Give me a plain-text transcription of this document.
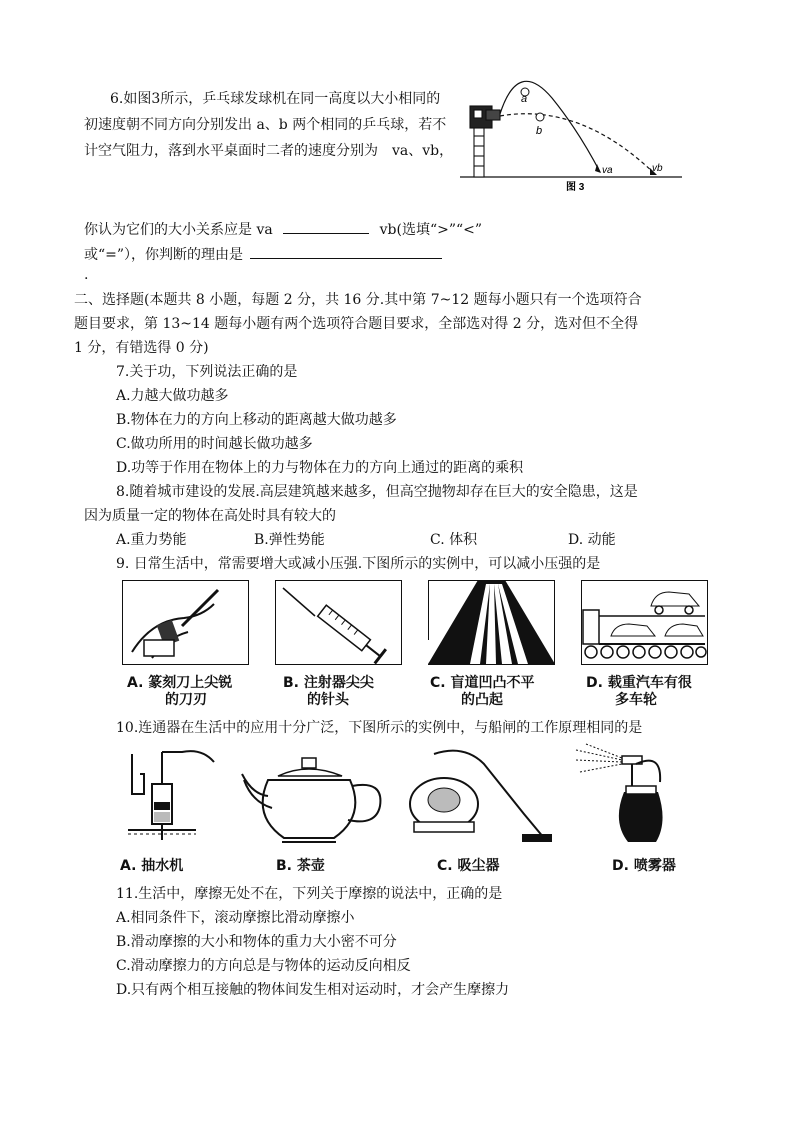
6.如图3所示，乒乓球发球机在同一高度以大小相同的
初速度朝不同方向分别发出 a、b 两个相同的乒乓球，若不
计空气阻力，落到水平桌面时二者的速度分别为　va、vb，
a
b
va	vb
图 3
你认为它们的大小关系应是 va	vb(选填“>”“<”
或“=”），你判断的理由是
.
二、选择题(本题共 8 小题，每题 2 分，共 16 分.其中第 7~12 题每小题只有一个选项符合
题目要求，第 13~14 题每小题有两个选项符合题目要求，全部选对得 2 分，选对但不全得
1 分，有错选得 0 分)
7.关于功，下列说法正确的是
A.力越大做功越多
B.物体在力的方向上移动的距离越大做功越多
C.做功所用的时间越长做功越多
D.功等于作用在物体上的力与物体在力的方向上通过的距离的乘积
8.随着城市建设的发展.高层建筑越来越多，但高空抛物却存在巨大的安全隐患，这是
因为质量一定的物体在高处时具有较大的
A.重力势能	B.弹性势能	C. 体积	D. 动能
9. 日常生活中，常需要增大或减小压强.下图所示的实例中，可以减小压强的是
A. 篆刻刀上尖锐
的刀刃
B. 注射器尖尖
的针头
C. 盲道凹凸不平
的凸起
D. 载重汽车有很
多车轮
10.连通器在生活中的应用十分广泛，下图所示的实例中，与船闸的工作原理相同的是
A. 抽水机	B. 茶壶	C. 吸尘器	D. 喷雾器
11.生活中，摩擦无处不在，下列关于摩擦的说法中，正确的是
A.相同条件下，滚动摩擦比滑动摩擦小
B.滑动摩擦的大小和物体的重力大小密不可分
C.滑动摩擦力的方向总是与物体的运动反向相反
D.只有两个相互接触的物体间发生相对运动时，才会产生摩擦力
